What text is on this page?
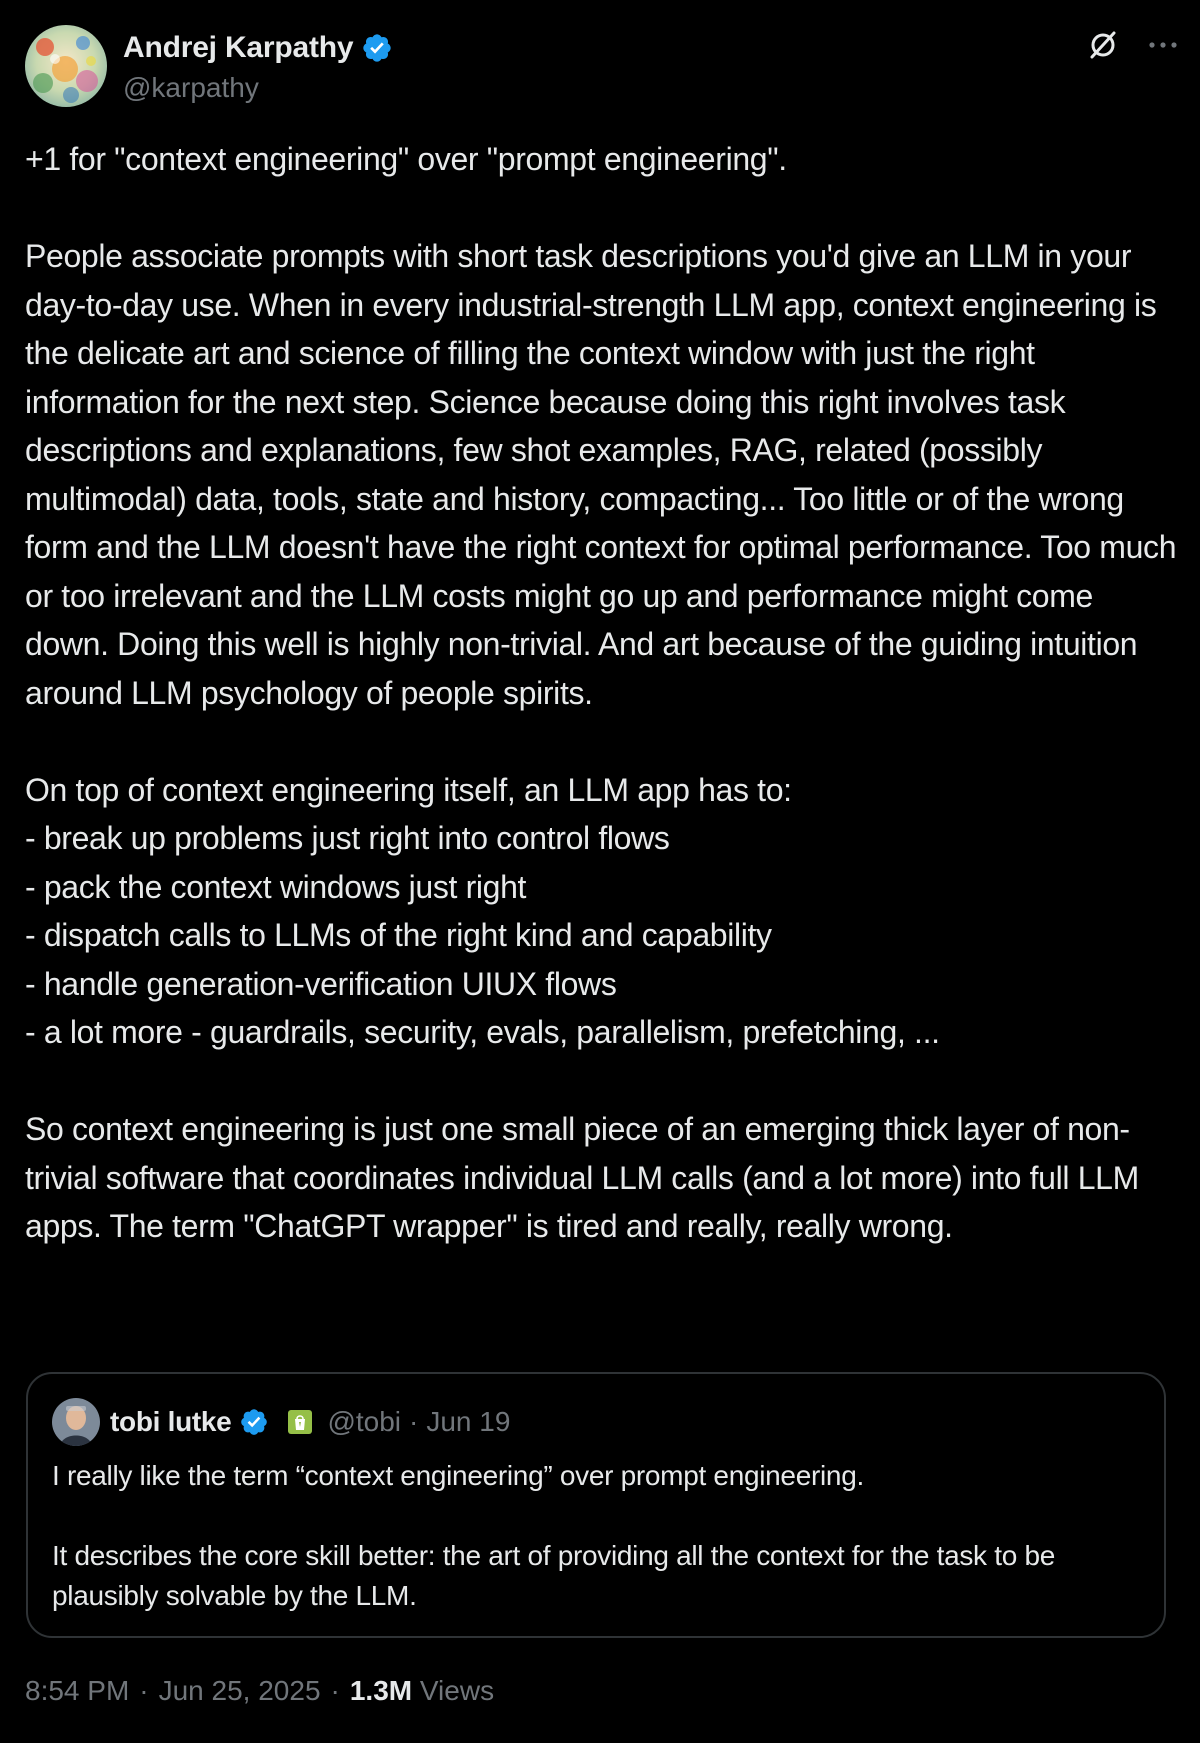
Andrej Karpathy
@karpathy
+1 for "context engineering" over "prompt engineering".

People associate prompts with short task descriptions you'd give an LLM in your day-to-day use. When in every industrial-strength LLM app, context engineering is the delicate art and science of filling the context window with just the right information for the next step. Science because doing this right involves task descriptions and explanations, few shot examples, RAG, related (possibly multimodal) data, tools, state and history, compacting... Too little or of the wrong form and the LLM doesn't have the right context for optimal performance. Too much or too irrelevant and the LLM costs might go up and performance might come down. Doing this well is highly non-trivial. And art because of the guiding intuition around LLM psychology of people spirits.

On top of context engineering itself, an LLM app has to:
- break up problems just right into control flows
- pack the context windows just right
- dispatch calls to LLMs of the right kind and capability
- handle generation-verification UIUX flows
- a lot more - guardrails, security, evals, parallelism, prefetching, ...

So context engineering is just one small piece of an emerging thick layer of non-trivial software that coordinates individual LLM calls (and a lot more) into full LLM apps. The term "ChatGPT wrapper" is tired and really, really wrong.
tobi lutke	@tobi · Jun 19
I really like the term “context engineering” over prompt engineering.

It describes the core skill better: the art of providing all the context for the task to be plausibly solvable by the LLM.
8:54 PM · Jun 25, 2025 · 1.3M Views
